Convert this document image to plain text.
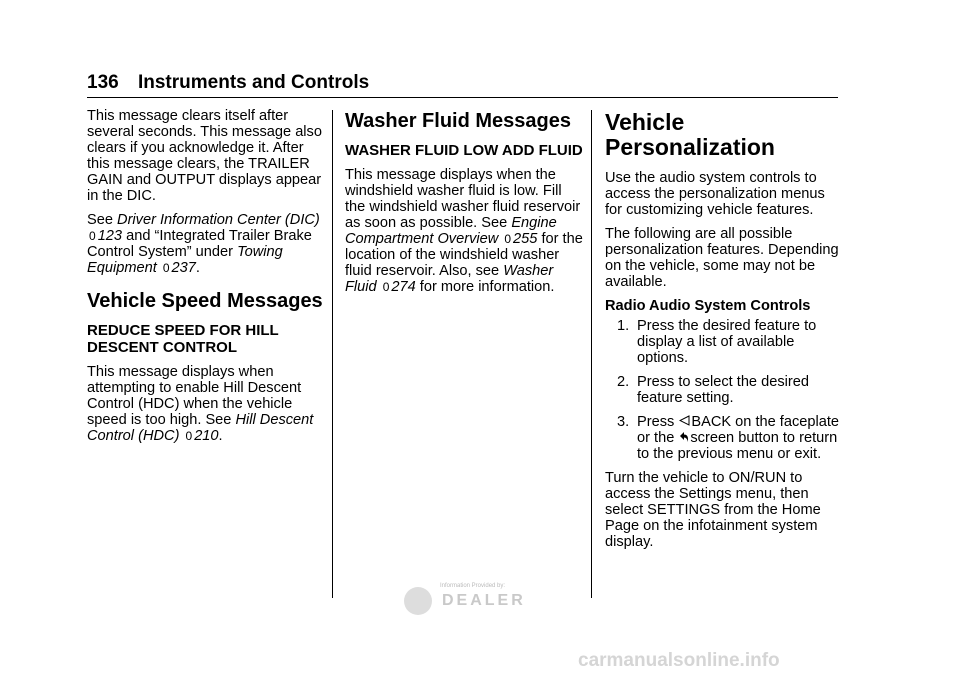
136 Instruments and Controls

This message clears itself after several seconds. This message also clears if you acknowledge it. After this message clears, the TRAILER GAIN and OUTPUT displays appear in the DIC.

See Driver Information Center (DIC) 0 123 and “Integrated Trailer Brake Control System” under Towing Equipment 0 237.

Vehicle Speed Messages
REDUCE SPEED FOR HILL DESCENT CONTROL

This message displays when attempting to enable Hill Descent Control (HDC) when the vehicle speed is too high. See Hill Descent Control (HDC) 0 210.

Washer Fluid Messages
WASHER FLUID LOW ADD FLUID

This message displays when the windshield washer fluid is low. Fill the windshield washer fluid reservoir as soon as possible. See Engine Compartment Overview 0 255 for the location of the windshield washer fluid reservoir. Also, see Washer Fluid 0 274 for more information.

Vehicle Personalization

Use the audio system controls to access the personalization menus for customizing vehicle features.

The following are all possible personalization features. Depending on the vehicle, some may not be available.

Radio Audio System Controls

1. Press the desired feature to display a list of available options.
2. Press to select the desired feature setting.
3. Press BACK on the faceplate or the screen button to return to the previous menu or exit.

Turn the vehicle to ON/RUN to access the Settings menu, then select SETTINGS from the Home Page on the infotainment system display.

Information Provided by:
DEALER
carmanualsonline.info
